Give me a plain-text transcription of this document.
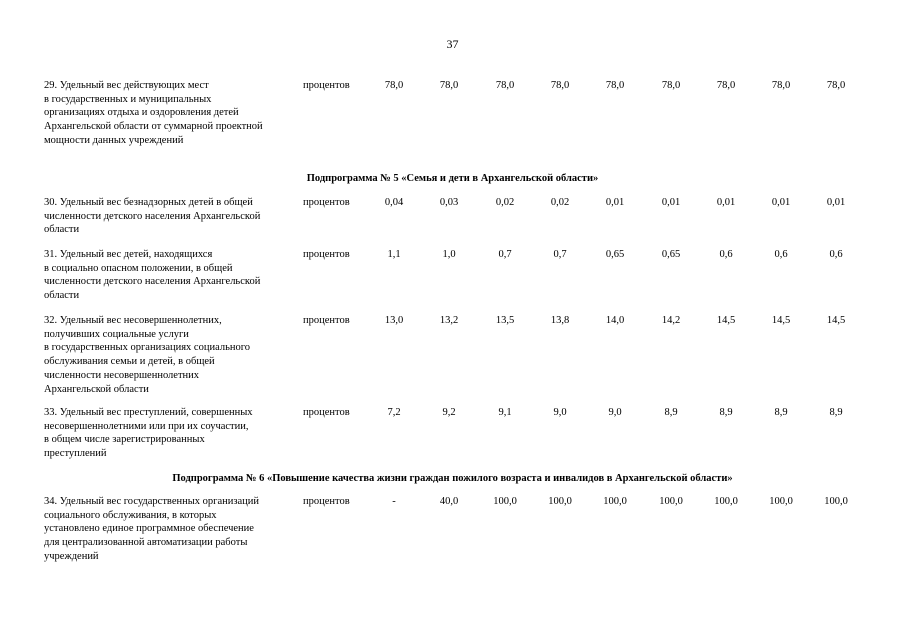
37
29. Удельный вес действующих мест
в государственных и муниципальных
организациях отдыха и оздоровления детей
Архангельской области от суммарной проектной
мощности данных учреждений
процентов	78,0	78,0	78,0	78,0	78,0	78,0	78,0	78,0	78,0
Подпрограмма № 5 «Семья и дети в Архангельской области»
30. Удельный вес безнадзорных детей в общей
численности детского населения Архангельской
области
процентов	0,04	0,03	0,02	0,02	0,01	0,01	0,01	0,01	0,01
31. Удельный вес детей, находящихся
в социально опасном положении, в общей
численности детского населения Архангельской
области
процентов	1,1	1,0	0,7	0,7	0,65	0,65	0,6	0,6	0,6
32. Удельный вес несовершеннолетних,
получивших социальные услуги
в государственных организациях социального
обслуживания семьи и детей, в общей
численности несовершеннолетних
Архангельской области
процентов	13,0	13,2	13,5	13,8	14,0	14,2	14,5	14,5	14,5
33. Удельный вес преступлений, совершенных
несовершеннолетними или при их соучастии,
в общем числе зарегистрированных
преступлений
процентов	7,2	9,2	9,1	9,0	9,0	8,9	8,9	8,9	8,9
Подпрограмма № 6 «Повышение качества жизни граждан пожилого возраста и инвалидов в Архангельской области»
34. Удельный вес государственных организаций
социального обслуживания, в которых
установлено единое программное обеспечение
для централизованной автоматизации работы
учреждений
процентов	-	40,0	100,0	100,0	100,0	100,0	100,0	100,0	100,0
